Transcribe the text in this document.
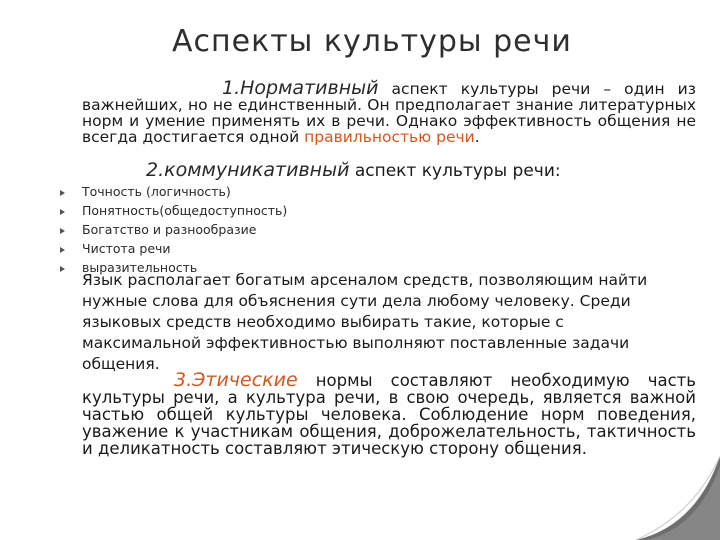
Аспекты культуры речи
1.Нормативный аспект культуры речи – один из важнейших, но не единственный. Он предполагает знание литературных норм и умение применять их в речи. Однако эффективность общения не всегда достигается одной правильностью речи.
2.коммуникативный аспект культуры речи:
Точность (логичность)
Понятность(общедоступность)
Богатство и разнообразие
Чистота речи
выразительность
Язык располагает богатым арсеналом средств, позволяющим найти нужные слова для объяснения сути дела любому человеку. Среди языковых средств необходимо выбирать такие, которые с максимальной эффективностью выполняют поставленные задачи общения.
3.Этические нормы составляют необходимую часть культуры речи, а культура речи, в свою очередь, является важной частью общей культуры человека. Соблюдение норм поведения, уважение к участникам общения, доброжелательность, тактичность и деликатность составляют этическую сторону общения.
